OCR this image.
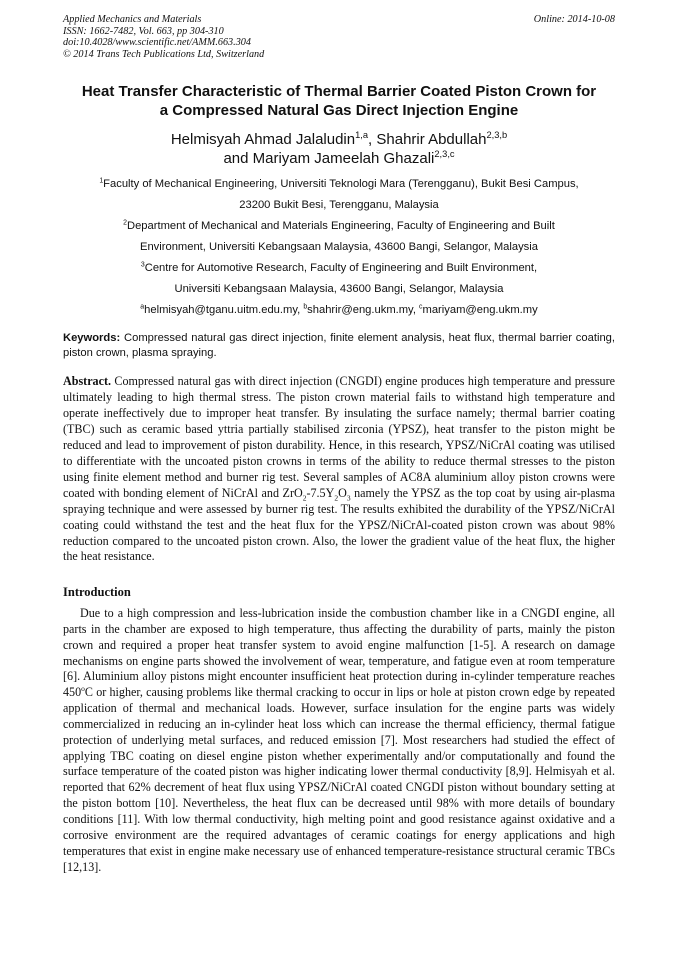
Applied Mechanics and Materials
ISSN: 1662-7482, Vol. 663, pp 304-310
doi:10.4028/www.scientific.net/AMM.663.304
© 2014 Trans Tech Publications Ltd, Switzerland
Online: 2014-10-08
Heat Transfer Characteristic of Thermal Barrier Coated Piston Crown for
a Compressed Natural Gas Direct Injection Engine
Helmisyah Ahmad Jalaludin$^{1,a}$, Shahrir Abdullah$^{2,3,b}$
and Mariyam Jameelah Ghazali$^{2,3,c}$
$^1$Faculty of Mechanical Engineering, Universiti Teknologi Mara (Terengganu), Bukit Besi Campus,
23200 Bukit Besi, Terengganu, Malaysia
$^2$Department of Mechanical and Materials Engineering, Faculty of Engineering and Built
Environment, Universiti Kebangsaan Malaysia, 43600 Bangi, Selangor, Malaysia
$^3$Centre for Automotive Research, Faculty of Engineering and Built Environment,
Universiti Kebangsaan Malaysia, 43600 Bangi, Selangor, Malaysia
$^a$helmisyah@tganu.uitm.edu.my, $^b$shahrir@eng.ukm.my, $^c$mariyam@eng.ukm.my
Keywords: Compressed natural gas direct injection, finite element analysis, heat flux, thermal barrier coating, piston crown, plasma spraying.
Abstract. Compressed natural gas with direct injection (CNGDI) engine produces high temperature and pressure ultimately leading to high thermal stress. The piston crown material fails to withstand high temperature and operate ineffectively due to improper heat transfer. By insulating the surface namely; thermal barrier coating (TBC) such as ceramic based yttria partially stabilised zirconia (YPSZ), heat transfer to the piston might be reduced and lead to improvement of piston durability. Hence, in this research, YPSZ/NiCrAl coating was utilised to differentiate with the uncoated piston crowns in terms of the ability to reduce thermal stresses to the piston using finite element method and burner rig test. Several samples of AC8A aluminium alloy piston crowns were coated with bonding element of NiCrAl and $ZrO_2-7.5Y_2O_3$ namely the YPSZ as the top coat by using air-plasma spraying technique and were assessed by burner rig test. The results exhibited the durability of the YPSZ/NiCrAl coating could withstand the test and the heat flux for the YPSZ/NiCrAl-coated piston crown was about 98% reduction compared to the uncoated piston crown. Also, the lower the gradient value of the heat flux, the higher the heat resistance.
Introduction
Due to a high compression and less-lubrication inside the combustion chamber like in a CNGDI engine, all parts in the chamber are exposed to high temperature, thus affecting the durability of parts, mainly the piston crown and required a proper heat transfer system to avoid engine malfunction [1-5]. A research on damage mechanisms on engine parts showed the involvement of wear, temperature, and fatigue even at room temperature [6]. Aluminium alloy pistons might encounter insufficient heat protection during in-cylinder temperature reaches 450$^o$C or higher, causing problems like thermal cracking to occur in lips or hole at piston crown edge by repeated application of thermal and mechanical loads. However, surface insulation for the engine parts was widely commercialized in reducing an in-cylinder heat loss which can increase the thermal efficiency, thermal fatigue protection of underlying metal surfaces, and reduced emission [7]. Most researchers had studied the effect of applying TBC coating on diesel engine piston whether experimentally and/or computationally and found the surface temperature of the coated piston was higher indicating lower thermal conductivity [8,9]. Helmisyah et al. reported that 62% decrement of heat flux using YPSZ/NiCrAl coated CNGDI piston without boundary setting at the piston bottom [10]. Nevertheless, the heat flux can be decreased until 98% with more details of boundary conditions [11]. With low thermal conductivity, high melting point and good resistance against oxidative and a corrosive environment are the required advantages of ceramic coatings for energy applications and high temperatures that exist in engine make necessary use of enhanced temperature-resistance structural ceramic TBCs [12,13].
